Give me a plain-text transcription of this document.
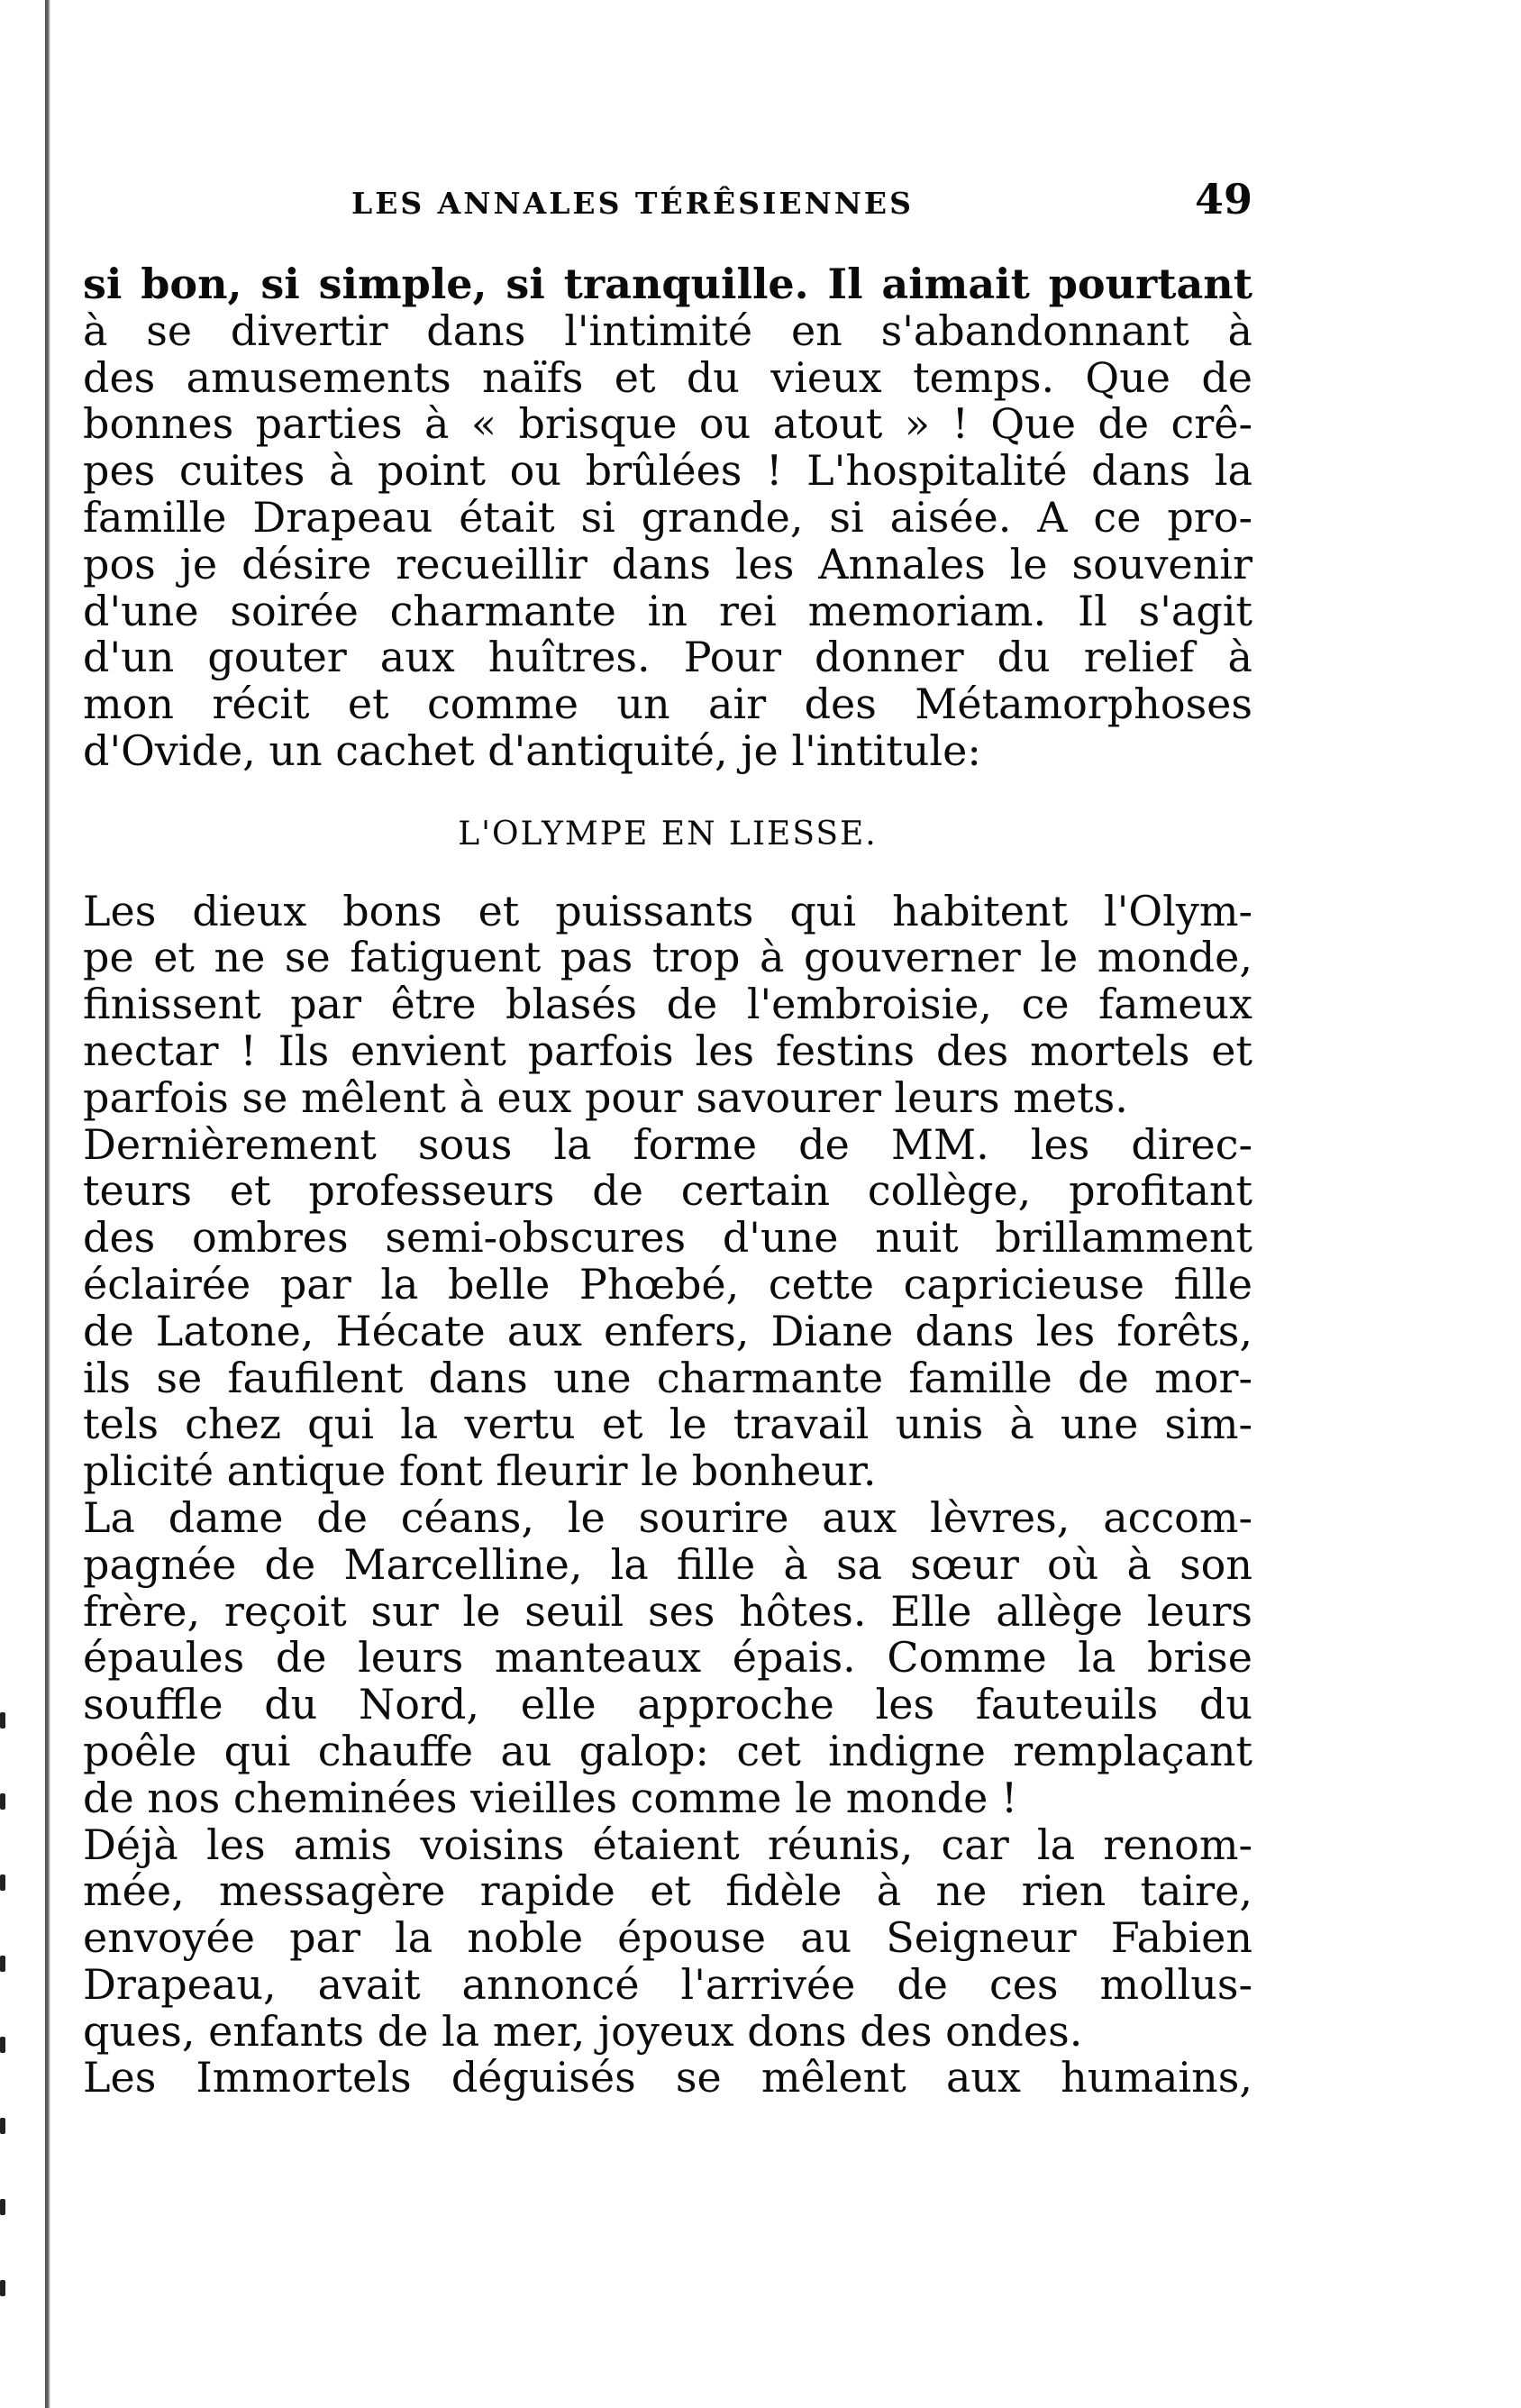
LES ANNALES TÉRÊSIENNES	49
si bon, si simple, si tranquille. Il aimait pourtant
à se divertir dans l'intimité en s'abandonnant à
des amusements naïfs et du vieux temps. Que de
bonnes parties à « brisque ou atout » ! Que de crê-
pes cuites à point ou brûlées ! L'hospitalité dans la
famille Drapeau était si grande, si aisée. A ce pro-
pos je désire recueillir dans les Annales le souvenir
d'une soirée charmante in rei memoriam. Il s'agit
d'un gouter aux huîtres. Pour donner du relief à
mon récit et comme un air des Métamorphoses
d'Ovide, un cachet d'antiquité, je l'intitule:
L'OLYMPE EN LIESSE.
Les dieux bons et puissants qui habitent l'Olym-
pe et ne se fatiguent pas trop à gouverner le monde,
finissent par être blasés de l'embroisie, ce fameux
nectar ! Ils envient parfois les festins des mortels et
parfois se mêlent à eux pour savourer leurs mets.
Dernièrement sous la forme de MM. les direc-
teurs et professeurs de certain collège, profitant
des ombres semi-obscures d'une nuit brillamment
éclairée par la belle Phœbé, cette capricieuse fille
de Latone, Hécate aux enfers, Diane dans les forêts,
ils se faufilent dans une charmante famille de mor-
tels chez qui la vertu et le travail unis à une sim-
plicité antique font fleurir le bonheur.
La dame de céans, le sourire aux lèvres, accom-
pagnée de Marcelline, la fille à sa sœur où à son
frère, reçoit sur le seuil ses hôtes. Elle allège leurs
épaules de leurs manteaux épais. Comme la brise
souffle du Nord, elle approche les fauteuils du
poêle qui chauffe au galop: cet indigne remplaçant
de nos cheminées vieilles comme le monde !
Déjà les amis voisins étaient réunis, car la renom-
mée, messagère rapide et fidèle à ne rien taire,
envoyée par la noble épouse au Seigneur Fabien
Drapeau, avait annoncé l'arrivée de ces mollus-
ques, enfants de la mer, joyeux dons des ondes.
Les Immortels déguisés se mêlent aux humains,
